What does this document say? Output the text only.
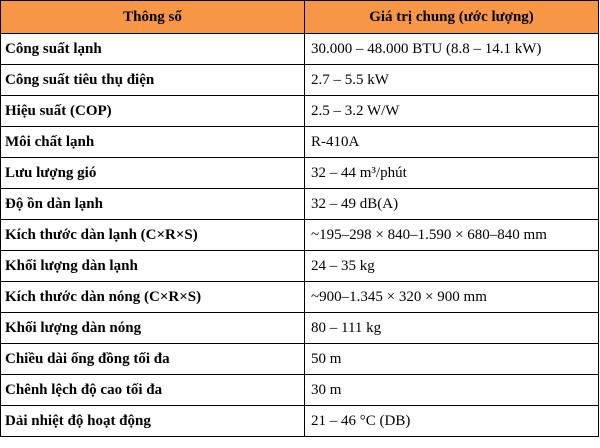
Thông số	Giá trị chung (ước lượng)
Công suất lạnh	30.000 – 48.000 BTU (8.8 – 14.1 kW)
Công suất tiêu thụ điện	2.7 – 5.5 kW
Hiệu suất (COP)	2.5 – 3.2 W/W
Môi chất lạnh	R-410A
Lưu lượng gió	32 – 44 m³/phút
Độ ồn dàn lạnh	32 – 49 dB(A)
Kích thước dàn lạnh (C×R×S)	~195–298 × 840–1.590 × 680–840 mm
Khối lượng dàn lạnh	24 – 35 kg
Kích thước dàn nóng (C×R×S)	~900–1.345 × 320 × 900 mm
Khối lượng dàn nóng	80 – 111 kg
Chiều dài ống đồng tối đa	50 m
Chênh lệch độ cao tối đa	30 m
Dải nhiệt độ hoạt động	21 – 46 °C (DB)
